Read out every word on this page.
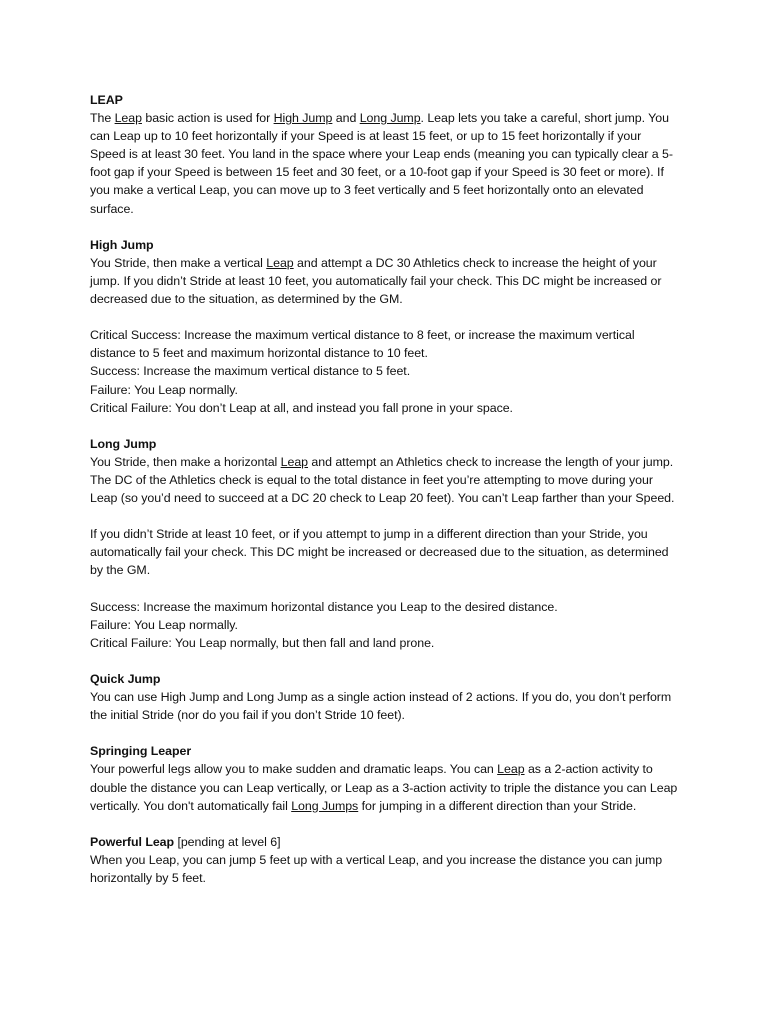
LEAP

The Leap basic action is used for High Jump and Long Jump. Leap lets you take a careful, short jump. You can Leap up to 10 feet horizontally if your Speed is at least 15 feet, or up to 15 feet horizontally if your Speed is at least 30 feet. You land in the space where your Leap ends (meaning you can typically clear a 5-foot gap if your Speed is between 15 feet and 30 feet, or a 10-foot gap if your Speed is 30 feet or more). If you make a vertical Leap, you can move up to 3 feet vertically and 5 feet horizontally onto an elevated surface.

High Jump

You Stride, then make a vertical Leap and attempt a DC 30 Athletics check to increase the height of your jump. If you didn’t Stride at least 10 feet, you automatically fail your check. This DC might be increased or decreased due to the situation, as determined by the GM.

Critical Success: Increase the maximum vertical distance to 8 feet, or increase the maximum vertical distance to 5 feet and maximum horizontal distance to 10 feet.

Success: Increase the maximum vertical distance to 5 feet.

Failure: You Leap normally.

Critical Failure: You don’t Leap at all, and instead you fall prone in your space.

Long Jump

You Stride, then make a horizontal Leap and attempt an Athletics check to increase the length of your jump. The DC of the Athletics check is equal to the total distance in feet you’re attempting to move during your Leap (so you’d need to succeed at a DC 20 check to Leap 20 feet). You can’t Leap farther than your Speed.

If you didn’t Stride at least 10 feet, or if you attempt to jump in a different direction than your Stride, you automatically fail your check. This DC might be increased or decreased due to the situation, as determined by the GM.

Success: Increase the maximum horizontal distance you Leap to the desired distance.

Failure: You Leap normally.

Critical Failure: You Leap normally, but then fall and land prone.

Quick Jump

You can use High Jump and Long Jump as a single action instead of 2 actions. If you do, you don’t perform the initial Stride (nor do you fail if you don’t Stride 10 feet).

Springing Leaper

Your powerful legs allow you to make sudden and dramatic leaps. You can Leap as a 2-action activity to double the distance you can Leap vertically, or Leap as a 3-action activity to triple the distance you can Leap vertically. You don't automatically fail Long Jumps for jumping in a different direction than your Stride.

Powerful Leap [pending at level 6]

When you Leap, you can jump 5 feet up with a vertical Leap, and you increase the distance you can jump horizontally by 5 feet.
